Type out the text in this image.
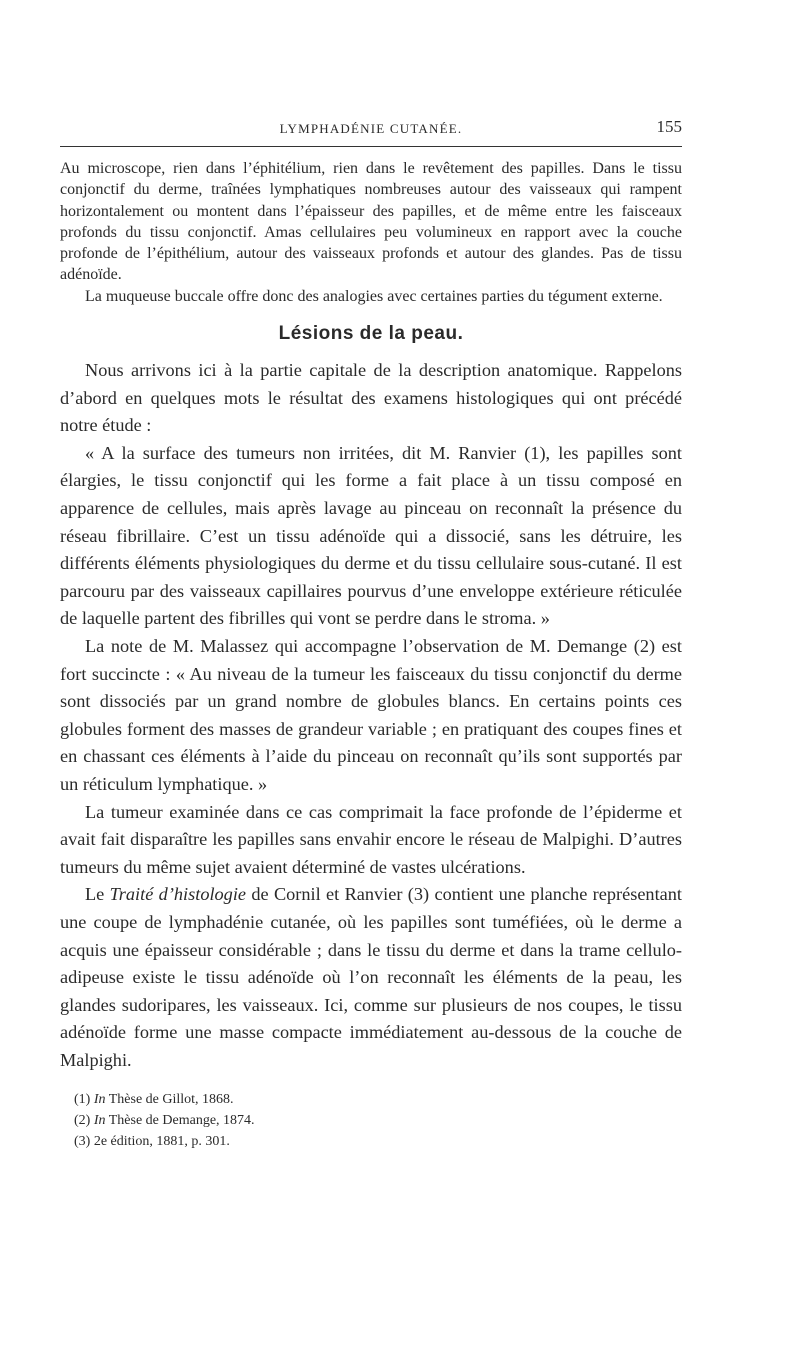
LYMPHADÉNIE CUTANÉE.	155

Au microscope, rien dans l’éphitélium, rien dans le revêtement des papilles. Dans le tissu conjonctif du derme, traînées lymphatiques nombreuses autour des vaisseaux qui rampent horizontalement ou montent dans l’épaisseur des papilles, et de même entre les faisceaux profonds du tissu conjonctif. Amas cellulaires peu volumineux en rapport avec la couche profonde de l’épithélium, autour des vaisseaux profonds et autour des glandes. Pas de tissu adénoïde.

La muqueuse buccale offre donc des analogies avec certaines parties du tégument externe.

Lésions de la peau.

Nous arrivons ici à la partie capitale de la description anatomique. Rappelons d’abord en quelques mots le résultat des examens histologiques qui ont précédé notre étude :

« A la surface des tumeurs non irritées, dit M. Ranvier (1), les papilles sont élargies, le tissu conjonctif qui les forme a fait place à un tissu composé en apparence de cellules, mais après lavage au pinceau on reconnaît la présence du réseau fibrillaire. C’est un tissu adénoïde qui a dissocié, sans les détruire, les différents éléments physiologiques du derme et du tissu cellulaire sous-cutané. Il est parcouru par des vaisseaux capillaires pourvus d’une enveloppe extérieure réticulée de laquelle partent des fibrilles qui vont se perdre dans le stroma. »

La note de M. Malassez qui accompagne l’observation de M. Demange (2) est fort succincte : « Au niveau de la tumeur les faisceaux du tissu conjonctif du derme sont dissociés par un grand nombre de globules blancs. En certains points ces globules forment des masses de grandeur variable ; en pratiquant des coupes fines et en chassant ces éléments à l’aide du pinceau on reconnaît qu’ils sont supportés par un réticulum lymphatique. »

La tumeur examinée dans ce cas comprimait la face profonde de l’épiderme et avait fait disparaître les papilles sans envahir encore le réseau de Malpighi. D’autres tumeurs du même sujet avaient déterminé de vastes ulcérations.

Le Traité d’histologie de Cornil et Ranvier (3) contient une planche représentant une coupe de lymphadénie cutanée, où les papilles sont tuméfiées, où le derme a acquis une épaisseur considérable ; dans le tissu du derme et dans la trame cellulo-adipeuse existe le tissu adénoïde où l’on reconnaît les éléments de la peau, les glandes sudoripares, les vaisseaux. Ici, comme sur plusieurs de nos coupes, le tissu adénoïde forme une masse compacte immédiatement au-dessous de la couche de Malpighi.

(1) In Thèse de Gillot, 1868.
(2) In Thèse de Demange, 1874.
(3) 2e édition, 1881, p. 301.
